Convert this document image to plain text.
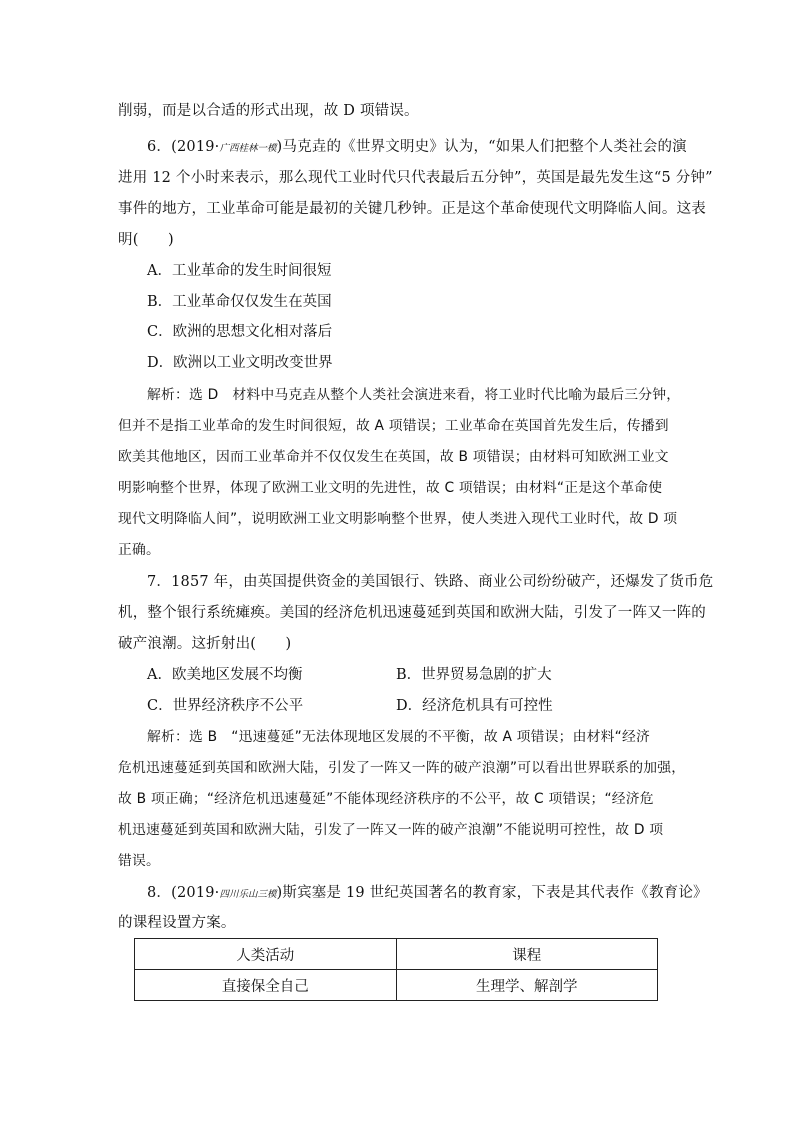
削弱，而是以合适的形式出现，故 D 项错误。
6．(2019·广西桂林一模)马克垚的《世界文明史》认为，“如果人们把整个人类社会的演
进用 12 个小时来表示，那么现代工业时代只代表最后五分钟”，英国是最先发生这“5 分钟”
事件的地方，工业革命可能是最初的关键几秒钟。正是这个革命使现代文明降临人间。这表
明(　　)
A．工业革命的发生时间很短
B．工业革命仅仅发生在英国
C．欧洲的思想文化相对落后
D．欧洲以工业文明改变世界
解析：选 D　材料中马克垚从整个人类社会演进来看，将工业时代比喻为最后三分钟，
但并不是指工业革命的发生时间很短，故 A 项错误；工业革命在英国首先发生后，传播到
欧美其他地区，因而工业革命并不仅仅发生在英国，故 B 项错误；由材料可知欧洲工业文
明影响整个世界，体现了欧洲工业文明的先进性，故 C 项错误；由材料“正是这个革命使
现代文明降临人间”，说明欧洲工业文明影响整个世界，使人类进入现代工业时代，故 D 项
正确。
7．1857 年，由英国提供资金的美国银行、铁路、商业公司纷纷破产，还爆发了货币危
机，整个银行系统瘫痪。美国的经济危机迅速蔓延到英国和欧洲大陆，引发了一阵又一阵的
破产浪潮。这折射出(　　)
A．欧美地区发展不均衡	B．世界贸易急剧的扩大
C．世界经济秩序不公平	D．经济危机具有可控性
解析：选 B　“迅速蔓延”无法体现地区发展的不平衡，故 A 项错误；由材料“经济
危机迅速蔓延到英国和欧洲大陆，引发了一阵又一阵的破产浪潮”可以看出世界联系的加强，
故 B 项正确；“经济危机迅速蔓延”不能体现经济秩序的不公平，故 C 项错误；“经济危
机迅速蔓延到英国和欧洲大陆，引发了一阵又一阵的破产浪潮”不能说明可控性，故 D 项
错误。
8．(2019·四川乐山三模)斯宾塞是 19 世纪英国著名的教育家，下表是其代表作《教育论》
的课程设置方案。
人类活动	课程
直接保全自己	生理学、解剖学
